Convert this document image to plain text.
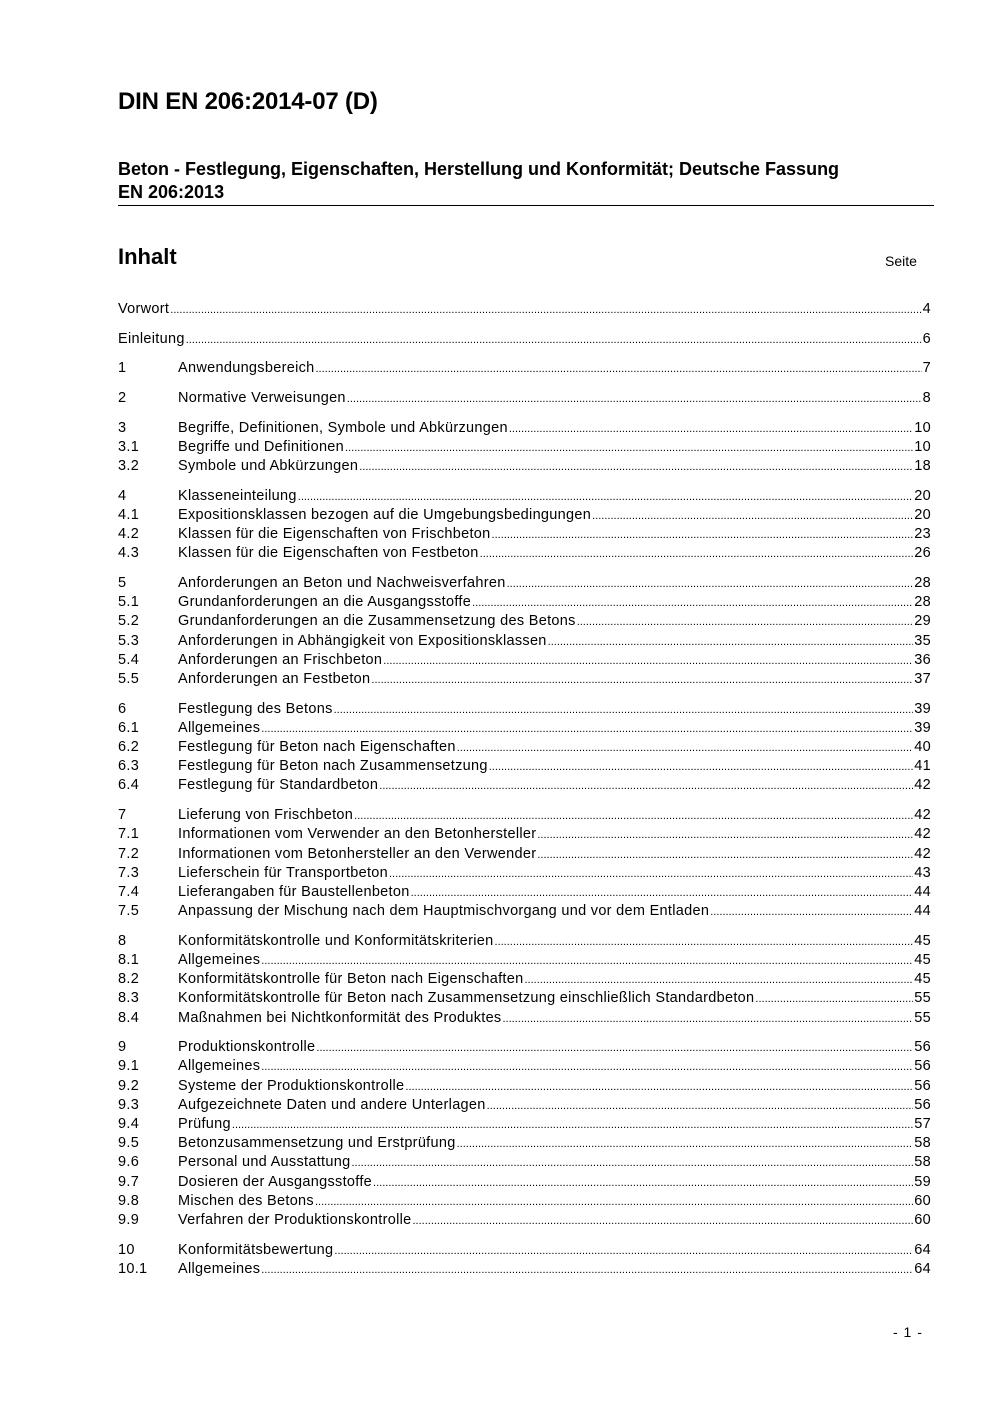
DIN EN 206:2014-07 (D)
Beton - Festlegung, Eigenschaften, Herstellung und Konformität; Deutsche Fassung
EN 206:2013
Inhalt	Seite
Vorwort .....	4
Einleitung .....	6
1	Anwendungsbereich .....	7
2	Normative Verweisungen .....	8
3	Begriffe, Definitionen, Symbole und Abkürzungen .....	10
3.1	Begriffe und Definitionen .....	10
3.2	Symbole und Abkürzungen .....	18
4	Klasseneinteilung .....	20
4.1	Expositionsklassen bezogen auf die Umgebungsbedingungen .....	20
4.2	Klassen für die Eigenschaften von Frischbeton .....	23
4.3	Klassen für die Eigenschaften von Festbeton .....	26
5	Anforderungen an Beton und Nachweisverfahren .....	28
5.1	Grundanforderungen an die Ausgangsstoffe .....	28
5.2	Grundanforderungen an die Zusammensetzung des Betons .....	29
5.3	Anforderungen in Abhängigkeit von Expositionsklassen .....	35
5.4	Anforderungen an Frischbeton .....	36
5.5	Anforderungen an Festbeton .....	37
6	Festlegung des Betons .....	39
6.1	Allgemeines .....	39
6.2	Festlegung für Beton nach Eigenschaften .....	40
6.3	Festlegung für Beton nach Zusammensetzung .....	41
6.4	Festlegung für Standardbeton .....	42
7	Lieferung von Frischbeton .....	42
7.1	Informationen vom Verwender an den Betonhersteller .....	42
7.2	Informationen vom Betonhersteller an den Verwender .....	42
7.3	Lieferschein für Transportbeton .....	43
7.4	Lieferangaben für Baustellenbeton .....	44
7.5	Anpassung der Mischung nach dem Hauptmischvorgang und vor dem Entladen .....	44
8	Konformitätskontrolle und Konformitätskriterien .....	45
8.1	Allgemeines .....	45
8.2	Konformitätskontrolle für Beton nach Eigenschaften .....	45
8.3	Konformitätskontrolle für Beton nach Zusammensetzung einschließlich Standardbeton .....	55
8.4	Maßnahmen bei Nichtkonformität des Produktes .....	55
9	Produktionskontrolle .....	56
9.1	Allgemeines .....	56
9.2	Systeme der Produktionskontrolle .....	56
9.3	Aufgezeichnete Daten und andere Unterlagen .....	56
9.4	Prüfung .....	57
9.5	Betonzusammensetzung und Erstprüfung .....	58
9.6	Personal und Ausstattung .....	58
9.7	Dosieren der Ausgangsstoffe .....	59
9.8	Mischen des Betons .....	60
9.9	Verfahren der Produktionskontrolle .....	60
10	Konformitätsbewertung .....	64
10.1	Allgemeines .....	64
- 1 -
